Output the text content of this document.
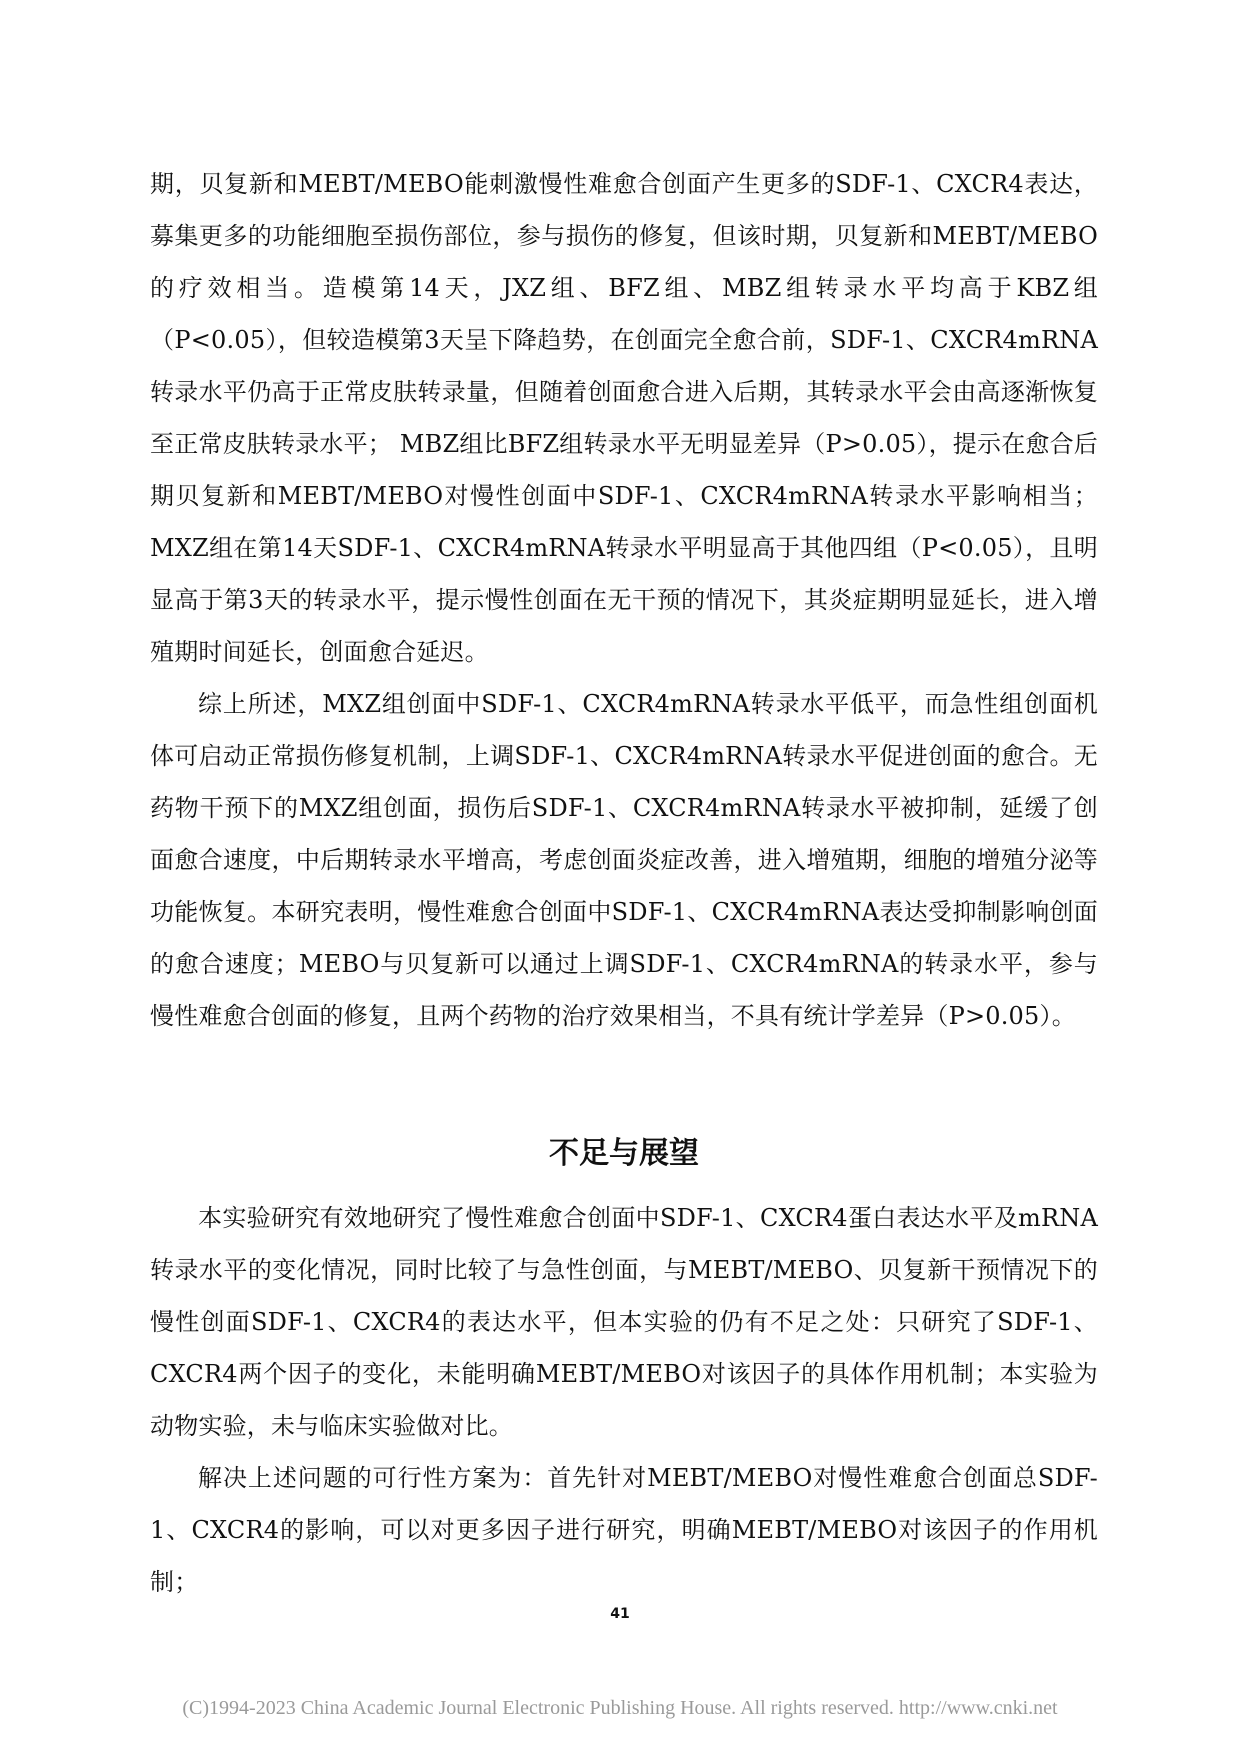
期，贝复新和MEBT/MEBO能刺激慢性难愈合创面产生更多的SDF-1、CXCR4表达，募集更多的功能细胞至损伤部位，参与损伤的修复，但该时期，贝复新和MEBT/MEBO的疗效相当。造模第14天，JXZ组、BFZ组、MBZ组转录水平均高于KBZ组（P<0.05），但较造模第3天呈下降趋势，在创面完全愈合前，SDF-1、CXCR4mRNA转录水平仍高于正常皮肤转录量，但随着创面愈合进入后期，其转录水平会由高逐渐恢复至正常皮肤转录水平； MBZ组比BFZ组转录水平无明显差异（P>0.05），提示在愈合后期贝复新和MEBT/MEBO对慢性创面中SDF-1、CXCR4mRNA转录水平影响相当；MXZ组在第14天SDF-1、CXCR4mRNA转录水平明显高于其他四组（P<0.05），且明显高于第3天的转录水平，提示慢性创面在无干预的情况下，其炎症期明显延长，进入增殖期时间延长，创面愈合延迟。

综上所述，MXZ组创面中SDF-1、CXCR4mRNA转录水平低平，而急性组创面机体可启动正常损伤修复机制，上调SDF-1、CXCR4mRNA转录水平促进创面的愈合。无药物干预下的MXZ组创面，损伤后SDF-1、CXCR4mRNA转录水平被抑制，延缓了创面愈合速度，中后期转录水平增高，考虑创面炎症改善，进入增殖期，细胞的增殖分泌等功能恢复。本研究表明，慢性难愈合创面中SDF-1、CXCR4mRNA表达受抑制影响创面的愈合速度；MEBO与贝复新可以通过上调SDF-1、CXCR4mRNA的转录水平，参与慢性难愈合创面的修复，且两个药物的治疗效果相当，不具有统计学差异（P>0.05）。

不足与展望

本实验研究有效地研究了慢性难愈合创面中SDF-1、CXCR4蛋白表达水平及mRNA转录水平的变化情况，同时比较了与急性创面，与MEBT/MEBO、贝复新干预情况下的慢性创面SDF-1、CXCR4的表达水平，但本实验的仍有不足之处：只研究了SDF-1、CXCR4两个因子的变化，未能明确MEBT/MEBO对该因子的具体作用机制；本实验为动物实验，未与临床实验做对比。

解决上述问题的可行性方案为：首先针对MEBT/MEBO对慢性难愈合创面总SDF-1、CXCR4的影响，可以对更多因子进行研究，明确MEBT/MEBO对该因子的作用机制；

41
(C)1994-2023 China Academic Journal Electronic Publishing House. All rights reserved. http://www.cnki.net
